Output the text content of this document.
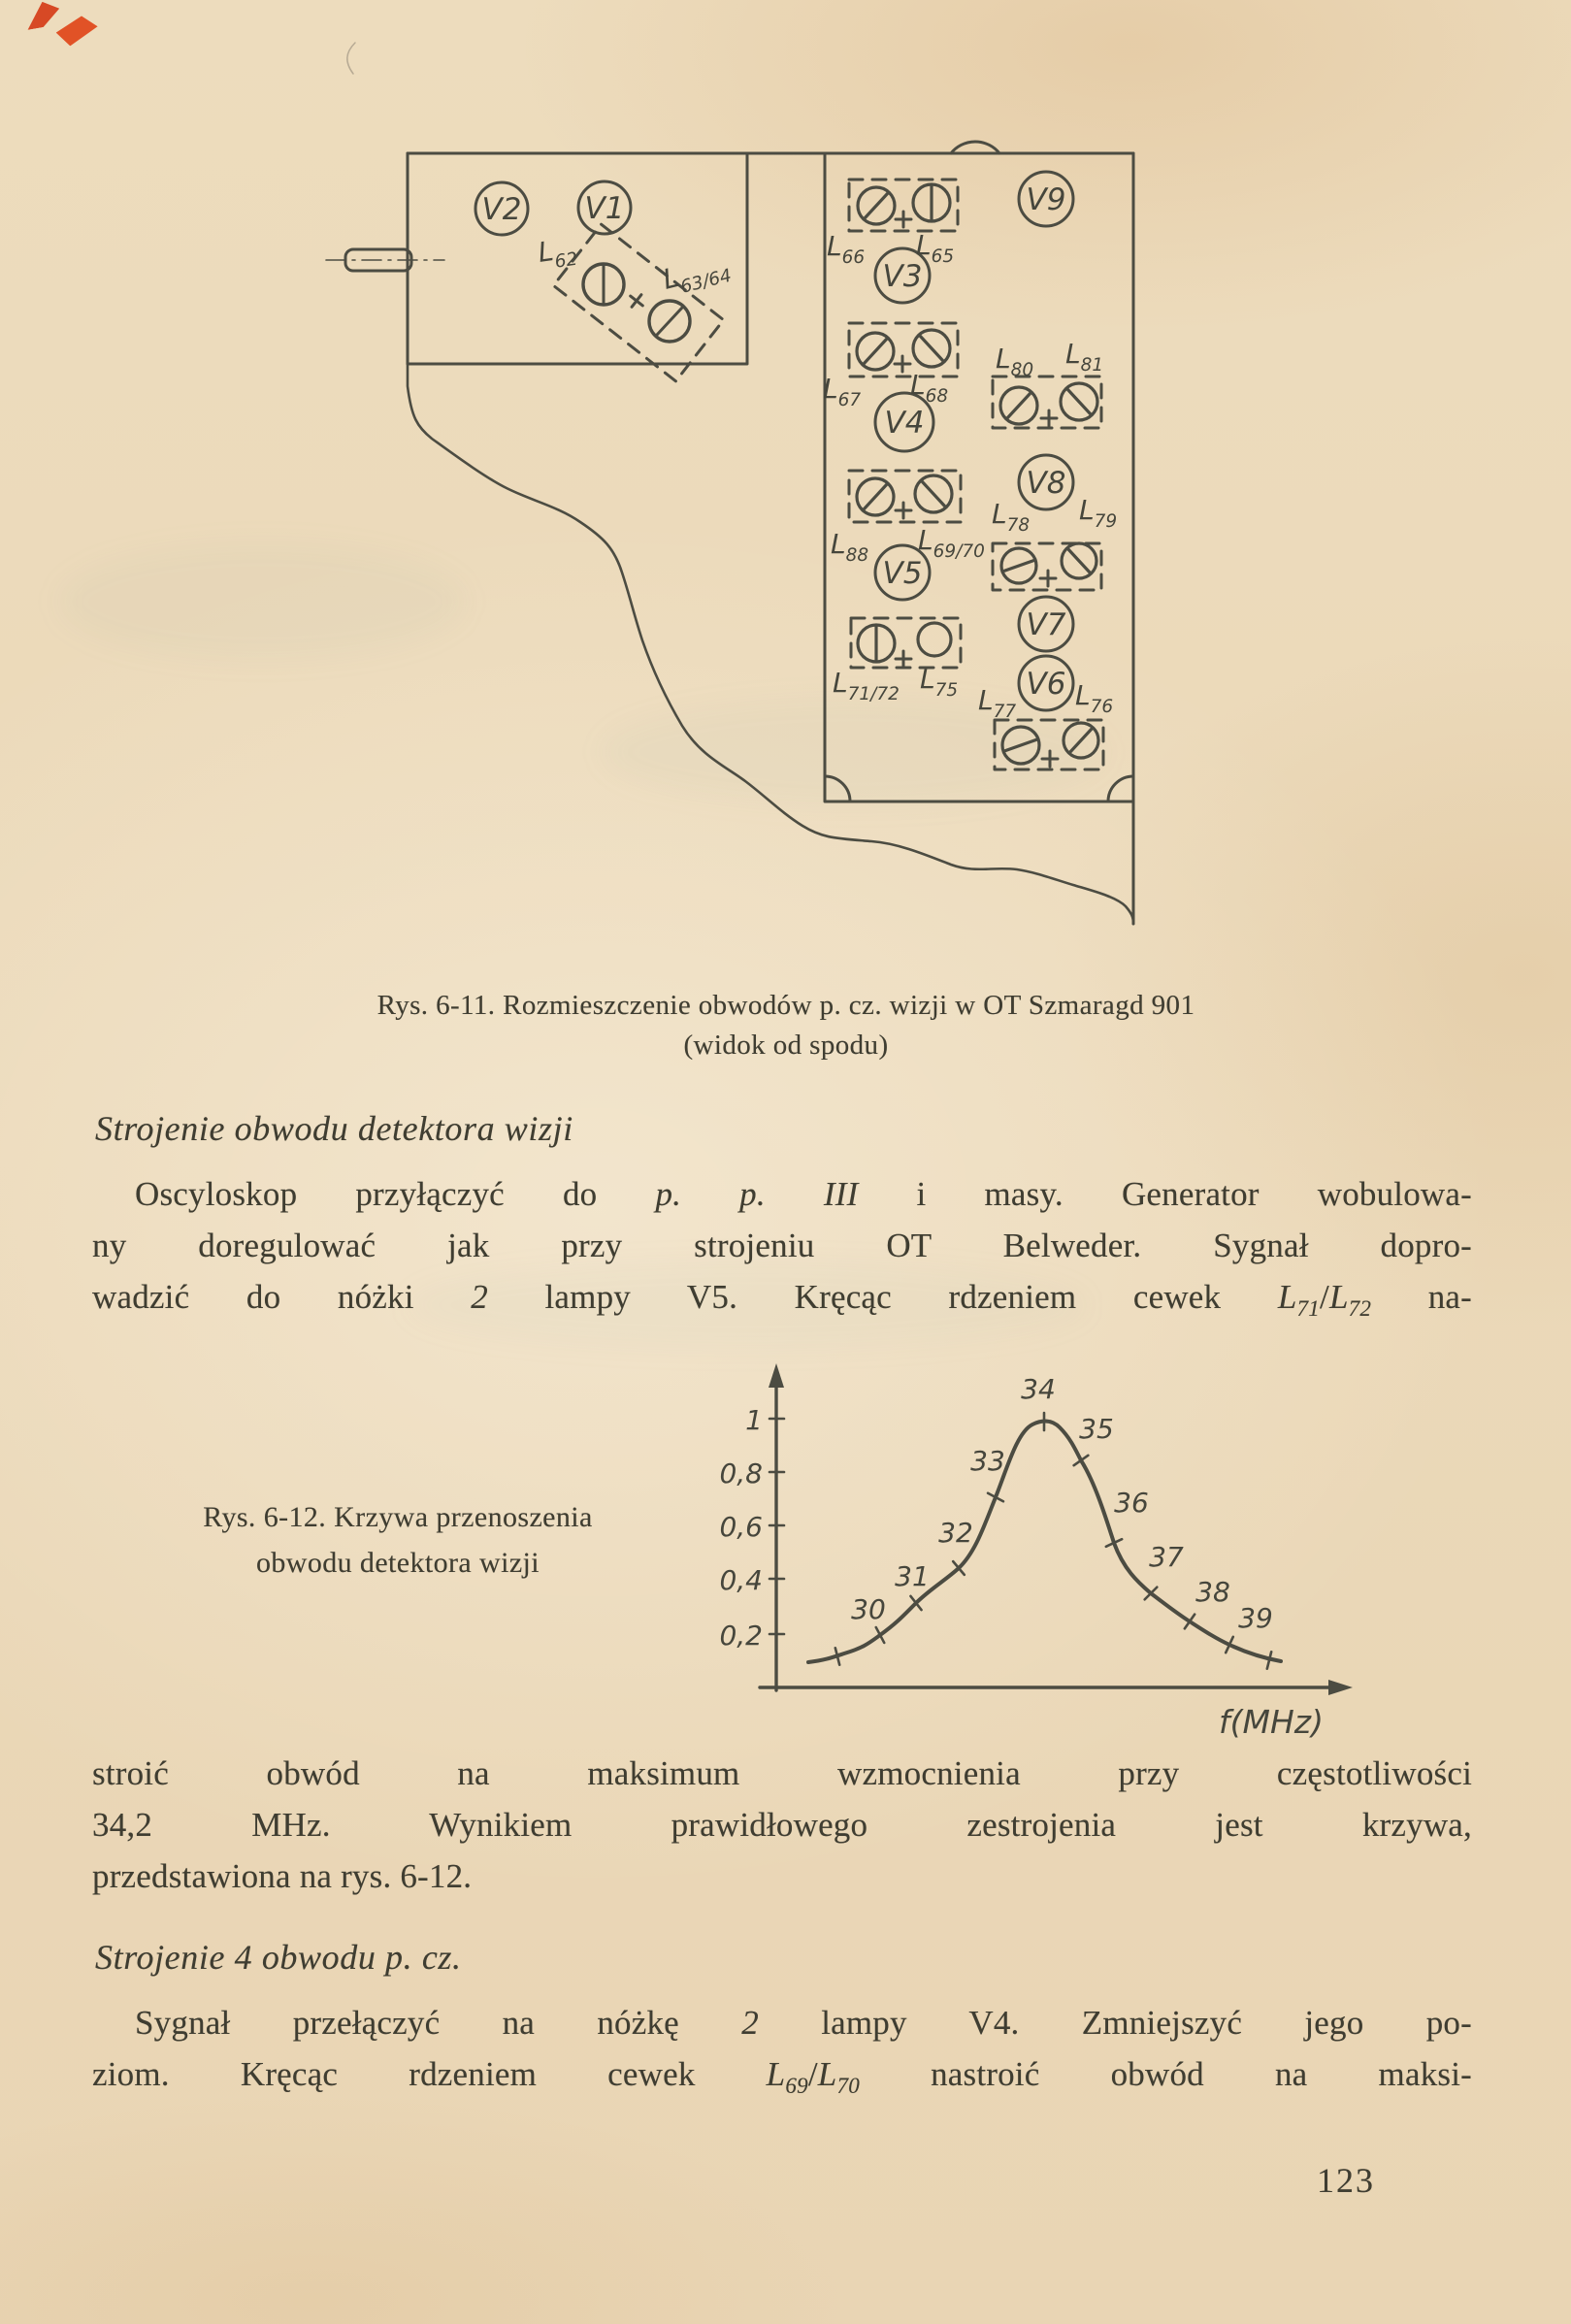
V2 V1	V9
V3
V4
V8
V5
V7
V6
$L_{62}$
$L_{63/64}$
$L_{66}$ $L_{65}$
$L_{67}$ $L_{68}$
$L_{80}$
$L_{81}$
$L_{88}$ $L_{69/70}$
$L_{78}$ $L_{79}$
$L_{71/72}$ $L_{75}$ $L_{77}$
$L_{76}$
1
0,8
0,6
0,4
0,2
30
31
32
33
34
35
36
37
38
39
f(MHz)
Rys. 6-11. Rozmieszczenie obwodów p. cz. wizji w OT Szmaragd 901
(widok od spodu)
Strojenie obwodu detektora wizji
Oscyloskop przyłączyć do p. p. III i masy. Generator wobulowa-
ny doregulować jak przy strojeniu OT Belweder. Sygnał dopro-
wadzić do nóżki 2 lampy V5. Kręcąc rdzeniem cewek $L_{71}/L_{72}$ na-
Rys. 6-12. Krzywa przenoszenia
obwodu detektora wizji
stroić obwód na maksimum wzmocnienia przy częstotliwości
34,2 MHz. Wynikiem prawidłowego zestrojenia jest krzywa,
przedstawiona na rys. 6-12.
Strojenie 4 obwodu p. cz.
Sygnał przełączyć na nóżkę 2 lampy V4. Zmniejszyć jego po-
ziom. Kręcąc rdzeniem cewek $L_{69}/L_{70}$ nastroić obwód na maksi-
123
